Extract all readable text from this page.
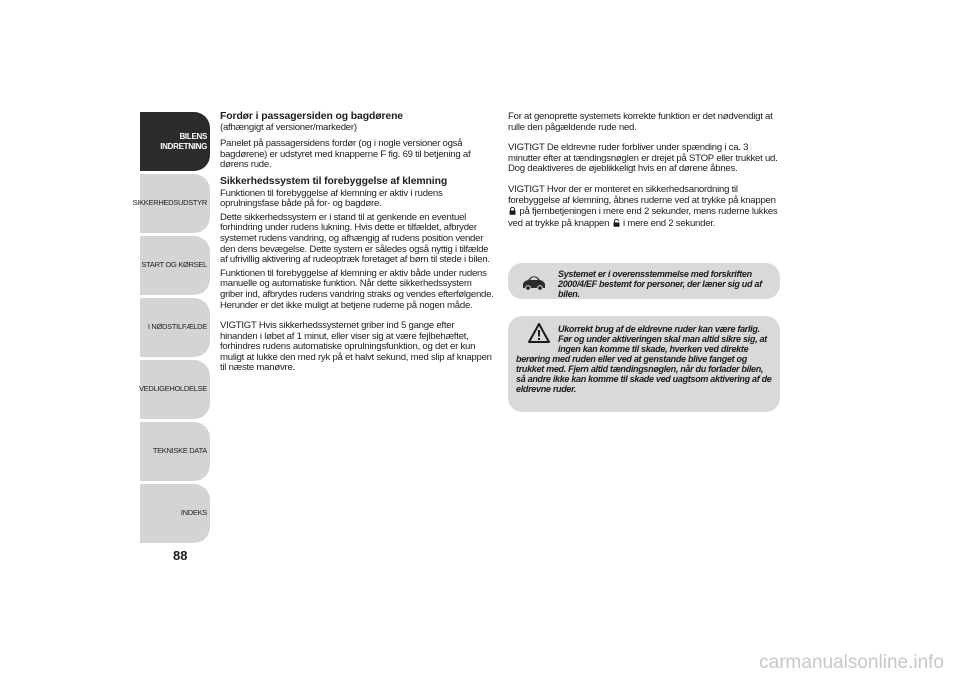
BILENS
INDRETNING
SIKKERHEDSUDSTYR
START OG KØRSEL
I NØDSTILFÆLDE
VEDLIGEHOLDELSE
TEKNISKE DATA
INDEKS
88
Fordør i passagersiden og bagdørene

(afhængigt af versioner/markeder)

Panelet på passagersidens fordør (og i nogle versioner også bagdørene) er udstyret med knapperne F fig. 69 til betjening af dørens rude.

Sikkerhedssystem til forebyggelse af klemning

Funktionen til forebyggelse af klemning er aktiv i rudens oprulningsfase både på for- og bagdøre.

Dette sikkerhedssystem er i stand til at genkende en eventuel forhindring under rudens lukning. Hvis dette er tilfældet, afbryder systemet rudens vandring, og afhængig af rudens position vender den dens bevægelse. Dette system er således også nyttig i tilfælde af ufrivillig aktivering af rudeoptræk foretaget af børn til stede i bilen.

Funktionen til forebyggelse af klemning er aktiv både under rudens manuelle og automatiske funktion. Når dette sikkerhedssystem griber ind, afbrydes rudens vandring straks og vendes efterfølgende. Herunder er det ikke muligt at betjene ruderne på nogen måde.

VIGTIGT Hvis sikkerhedssystemet griber ind 5 gange efter hinanden i løbet af 1 minut, eller viser sig at være fejlbehæftet, forhindres rudens automatiske oprulningsfunktion, og det er kun muligt at lukke den med ryk på et halvt sekund, med slip af knappen til næste manøvre.

For at genoprette systemets korrekte funktion er det nødvendigt at rulle den pågældende rude ned.

VIGTIGT De eldrevne ruder forbliver under spænding i ca. 3 minutter efter at tændingsnøglen er drejet på STOP eller trukket ud. Dog deaktiveres de øjeblikkeligt hvis en af dørene åbnes.

VIGTIGT Hvor der er monteret en sikkerhedsanordning til forebyggelse af klemning, åbnes ruderne ved at trykke på knappen  på fjernbetjeningen i mere end 2 sekunder, mens ruderne lukkes ved at trykke på knappen i mere end 2 sekunder.

Systemet er i overensstemmelse med forskriften 2000/4/EF bestemt for personer, der læner sig ud af bilen.
Ukorrekt brug af de eldrevne ruder kan være farlig. Før og under aktiveringen skal man altid sikre sig, at ingen kan komme til skade, hverken ved direkte
berøring med ruden eller ved at genstande blive fanget og trukket med. Fjern altid tændingsnøglen, når du forlader bilen, så andre ikke kan komme til skade ved uagtsom aktivering af de eldrevne ruder.
carmanualsonline.info
